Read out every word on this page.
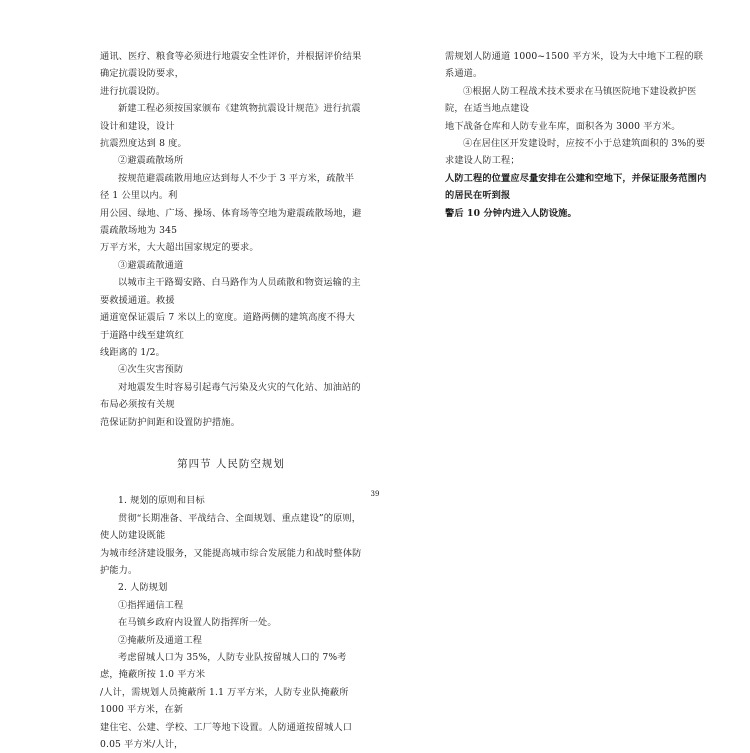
通讯、医疗、粮食等必须进行地震安全性评价，并根据评价结果确定抗震设防要求，

进行抗震设防。

新建工程必须按国家颁布《建筑物抗震设计规范》进行抗震设计和建设，设计

抗震烈度达到 8 度。

②避震疏散场所

按规范避震疏散用地应达到每人不少于 3 平方米，疏散半径 1 公里以内。利

用公园、绿地、广场、操场、体育场等空地为避震疏散场地，避震疏散场地为 345

万平方米，大大超出国家规定的要求。

③避震疏散通道

以城市主干路蜀安路、白马路作为人员疏散和物资运输的主要救援通道。救援

通道宽保证震后 7 米以上的宽度。道路两侧的建筑高度不得大于道路中线至建筑红

线距离的 1/2。

④次生灾害预防

对地震发生时容易引起毒气污染及火灾的气化站、加油站的布局必须按有关规

范保证防护间距和设置防护措施。

第四节 人民防空规划

1. 规划的原则和目标

贯彻“长期准备、平战结合、全面规划、重点建设”的原则，使人防建设既能

为城市经济建设服务，又能提高城市综合发展能力和战时整体防护能力。

2. 人防规划

①指挥通信工程

在马镇乡政府内设置人防指挥所一处。

②掩蔽所及通道工程

考虑留城人口为 35%，人防专业队按留城人口的 7%考虑，掩蔽所按 1.0 平方米

/人计，需规划人员掩蔽所 1.1 万平方米，人防专业队掩蔽所 1000 平方米，在新

建住宅、公建、学校、工厂等地下设置。人防通道按留城人口 0.05 平方米/人计，

需规划人防通道 1000~1500 平方米，设为大中地下工程的联系通道。

③根据人防工程战术技术要求在马镇医院地下建设救护医院，在适当地点建设

地下战备仓库和人防专业车库，面积各为 3000 平方米。

④在居住区开发建设时，应按不小于总建筑面积的 3%的要求建设人防工程；

人防工程的位置应尽量安排在公建和空地下，并保证服务范围内的居民在听到报

警后 10 分钟内进入人防设施。

39
